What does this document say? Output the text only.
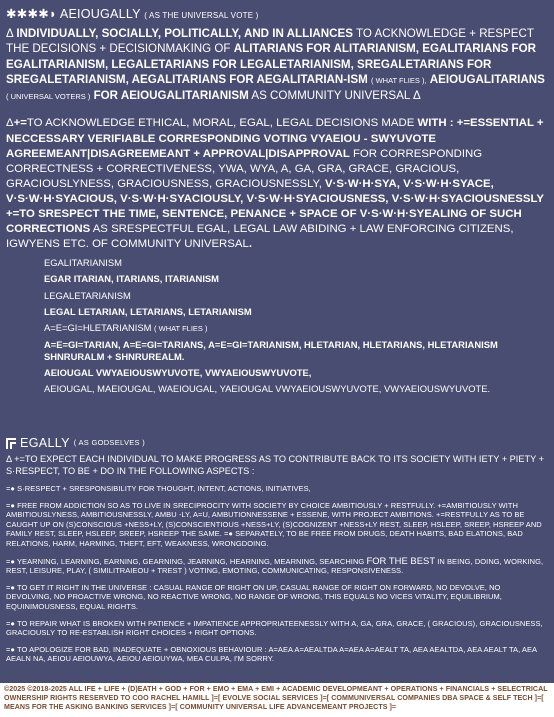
✱✱✱✱◗ AEIOUGALLY ( AS THE UNIVERSAL VOTE )
Δ INDIVIDUALLY, SOCIALLY, POLITICALLY, AND IN ALLIANCES TO ACKNOWLEDGE + RESPECT THE DECISIONS + DECISIONMAKING OF ALITARIANS FOR ALITARIANISM, EGALITARIANS FOR EGALITARIANISM, LEGALETARIANS FOR LEGALETARIANISM, SREGALETARIANS FOR SREGALETARIANISM, AEGALITARIANS FOR AEGALITARIAN-ISM ( WHAT FLIES ), AEIOUGALITARIANS ( UNIVERSAL VOTERS ) FOR AEIOUGALITARIANISM AS COMMUNITY UNIVERSAL Δ
Δ+=TO ACKNOWLEDGE ETHICAL, MORAL, EGAL, LEGAL DECISIONS MADE WITH : +=ESSENTIAL + NECCESSARY VERIFIABLE CORRESPONDING VOTING VYAEIOU - SWYUVOTE AGREEMEANT|DISAGREEMEANT + APPROVAL|DISAPPROVAL FOR CORRESPONDING CORRECTNESS + CORRECTIVENESS, YWA, WYA, A, GA, GRA, GRACE, GRACIOUS, GRACIOUSLYNESS, GRACIOUSNESS, GRACIOUSNESSLY, V·S·W·H·SYA, V·S·W·H·SYACE, V·S·W·H·SYACIOUS, V·S·W·H·SYACIOUSLY, V·S·W·H·SYACIOUSNESS, V·S·W·H·SYACIOUSNESSLY +=TO SRESPECT THE TIME, SENTENCE, PENANCE + SPACE OF V·S·W·H·SYEALING OF SUCH CORRECTIONS AS SRESPECTFUL EGAL, LEGAL LAW ABIDING + LAW ENFORCING CITIZENS, IGWYENS ETC. OF COMMUNITY UNIVERSAL.
EGALITARIANISM
EGAR ITARIAN, ITARIANS, ITARIANISM
LEGALETARIANISM
LEGAL LETARIAN, LETARIANS, LETARIANISM
A=E=GI=HLETARIANISM ( WHAT FLIES )
A=E=GI=TARIAN, A=E=GI=TARIANS, A=E=GI=TARIANISM, HLETARIAN, HLETARIANS, HLETARIANISM SHNRURALM + SHNRUREALM.
AEIOUGAL VWYAEIOUSWYUVOTE, VWYAEIOUSWYUVOTE,
AEIOUGAL, MAEIOUGAL, WAEIOUGAL, YAEIOUGAL VWYAEIOUSWYUVOTE, VWYAEIOUSWYUVOTE.
EGALLY
( AS GODSELVES )
Δ +=TO EXPECT EACH INDIVIDUAL TO MAKE PROGRESS AS TO CONTRIBUTE BACK TO ITS SOCIETY WITH IETY + PIETY + S·RESPECT, TO BE + DO IN THE FOLLOWING ASPECTS :
=● S·RESPECT + SRESPONSIBILITY FOR THOUGHT, INTENT, ACTIONS, INITIATIVES,
=● FREE FROM ADDICTION SO AS TO LIVE IN SRECIPROCITY WITH SOCIETY BY CHOICE AMBITIOUSLY + RESTFULLY. +=AMBITIOUSLY WITH AMBITIOUSLYNESS, AMBITIOUSNESSLY, AMBU -LY, A=U, AMBUTIONNESSENE + ESSENE, WITH PROJECT AMBITIONS. +=RESTFULLY AS TO BE CAUGHT UP ON (S)CONSCIOUS +NESS+LY, (S)CONSCIENTIOUS +NESS+LY, (S)COGNIZENT +NESS+LY REST, SLEEP, HSLEEP, SREEP, HSREEP AND FAMILY REST, SLEEP, HSLEEP, SREEP, HSREEP THE SAME. =● SEPARATELY, TO BE FREE FROM DRUGS, DEATH HABITS, BAD ELATIONS, BAD RELATIONS, HARM, HARMING, THEFT, EFT, WEAKNESS, WRONGDOING.
=● YEARNING, LEARNING, EARNING, GEARNING, JEARNING, HEARNING, MEARNING, SEARCHING FOR THE BEST IN BEING, DOING, WORKING, REST, LEISURE, PLAY, ( SIMILITRAIEOU + TREST ) VOTING, EMOTING, COMMUNICATING, RESPONSIVENESS.
=● TO GET IT RIGHT IN THE UNIVERSE : CASUAL RANGE OF RIGHT ON UP, CASUAL RANGE OF RIGHT ON FORWARD, NO DEVOLVE, NO DEVOLVING, NO PROACTIVE WRONG, NO REACTIVE WRONG, NO RANGE OF WRONG, THIS EQUALS NO VICES VITALITY, EQUILIBRIUM, EQUINIMOUSNESS, EQUAL RIGHTS.
=● TO REPAIR WHAT IS BROKEN WITH PATIENCE + IMPATIENCE APPROPRIATEENESSLY WITH A, GA, GRA, GRACE, ( GRACIOUS), GRACIOUSNESS, GRACIOUSLY TO RE-ESTABLISH RIGHT CHOICES + RIGHT OPTIONS.
=● TO APOLOGIZE FOR BAD, INADEQUATE + OBNOXIOUS BEHAVIOUR : A=AEA A=AEALTDA A=AEA A=AEALT TA, AEA AEALTDA, AEA AEALT TA, AEA AEALN NA, AEIOU AEIOUWYA, AEIOU AEIOUYWA, MEA CULPA, I'M SORRY.
©2025 ©2018-2025 ALL IFE + LIFE + (D)EATH + GOD + FOR + EMO + EMA + EMI + ACADEMIC DEVELOPMEANT + OPERATIONS + FINANCIALS + SELECTRICAL OWNERSHIP RIGHTS RESERVED TO COO RACHEL HAMILL ]=[ EVOLVE SOCIAL SERVICES ]=[ COMMUNIVERSAL COMPANIES DBA SPACE & SELF TECH ]=[ MEANS FOR THE ASKING BANKING SERVICES ]=[ COMMUNITY UNIVERSAL LIFE ADVANCEMEANT PROJECTS ]=
